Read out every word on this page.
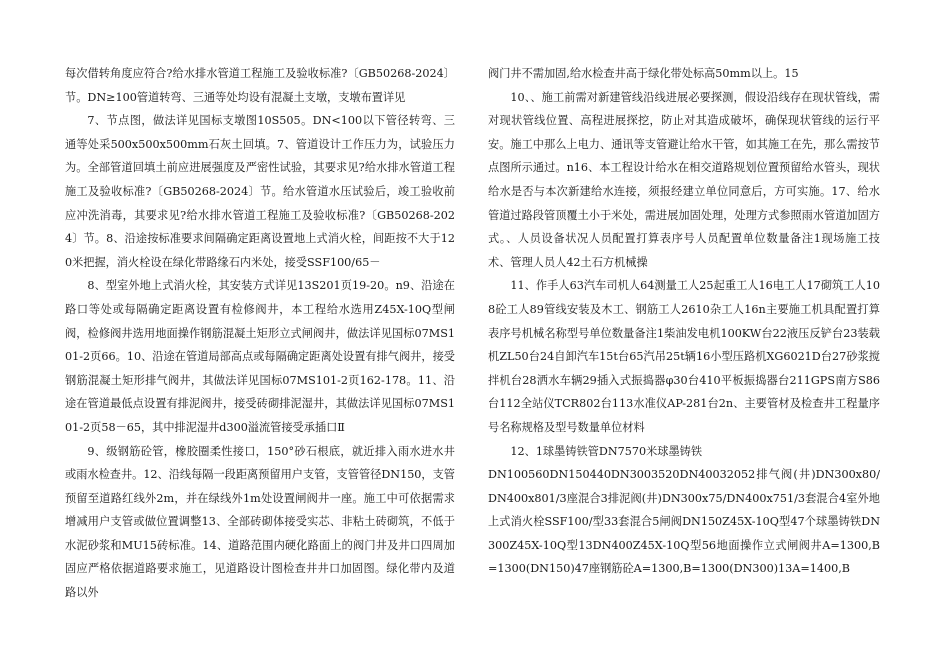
每次借转角度应符合?给水排水管道工程施工及验收标准?〔GB50268-2024〕节。DN≥100管道转弯、三通等处均设有混凝土支墩，支墩布置详见

7、节点图，做法详见国标支墩图10S505。DN<100以下管径转弯、三通等处采500x500x500mm石灰土回填。7、管道设计工作压力为，试验压力为。全部管道回填土前应进展强度及严密性试验，其要求见?给水排水管道工程施工及验收标准?〔GB50268-2024〕节。给水管道水压试验后，竣工验收前应冲洗消毒，其要求见?给水排水管道工程施工及验收标准?〔GB50268-2024〕节。8、沿途按标准要求间隔确定距离设置地上式消火栓，间距按不大于120米把握，消火栓设在绿化带路缘石内米处，接受SSF100/65－

8、型室外地上式消火栓，其安装方式详见13S201页19-20。n9、沿途在路口等处或每隔确定距离设置有检修阀井，本工程给水选用Z45X-10Q型闸阀，检修阀井选用地面操作钢筋混凝土矩形立式闸阀井，做法详见国标07MS101-2页66。10、沿途在管道局部高点或每隔确定距离处设置有排气阀井，接受钢筋混凝土矩形排气阀井，其做法详见国标07MS101-2页162-178。11、沿途在管道最低点设置有排泥阀井，接受砖砌排泥湿井，其做法详见国标07MS101-2页58－65，其中排泥湿井d300溢流管接受承插口Ⅱ

9、级钢筋砼管，橡胶圈柔性接口，150°砂石根底，就近排入雨水进水井或雨水检查井。12、沿线每隔一段距离预留用户支管，支管管径DN150，支管预留至道路红线外2m，并在绿线外1m处设置闸阀井一座。施工中可依据需求增减用户支管或做位置调整13、全部砖砌体接受实芯、非粘土砖砌筑，不低于水泥砂浆和MU15砖标准。14、道路范围内硬化路面上的阀门井及井口四周加固应严格依据道路要求施工，见道路设计图检查井井口加固图。绿化带内及道路以外

阀门井不需加固,给水检查井高于绿化带处标高50mm以上。15

10、、施工前需对新建管线沿线进展必要探测，假设沿线存在现状管线，需对现状管线位置、高程进展探挖，防止对其造成破坏，确保现状管线的运行平安。施工中那么上电力、通讯等支管避让给水干管，如其施工在先，那么需按节点图所示通过。n16、本工程设计给水在相交道路规划位置预留给水管头，现状给水是否与本次新建给水连接，须报经建立单位同意后，方可实施。17、给水管道过路段管顶覆土小于米处，需进展加固处理，处理方式参照雨水管道加固方式。、人员设备状况人员配置打算表序号人员配置单位数量备注1现场施工技术、管理人员人42土石方机械操

11、作手人63汽车司机人64测量工人25起重工人16电工人17砌筑工人108砼工人89管线安装及木工、钢筋工人2610杂工人16n主要施工机具配置打算表序号机械名称型号单位数量备注1柴油发电机100KW台22液压反铲台23装载机ZL50台24自卸汽车15t台65汽吊25t辆16小型压路机XG6021D台27砂浆搅拌机台28洒水车辆29插入式振捣器φ30台410平板振捣器台211GPS南方S86台112全站仪TCR802台113水准仪AP-281台2n、主要管材及检查井工程量序号名称规格及型号数量单位材料

12、1球墨铸铁管DN7570米球墨铸铁

DN100560DN150440DN3003520DN40032052排气阀(井)DN300x80/DN400x801/3座混合3排泥阀(井)DN300x75/DN400x751/3套混合4室外地上式消火栓SSF100/型33套混合5闸阀DN150Z45X-10Q型47个球墨铸铁DN300Z45X-10Q型13DN400Z45X-10Q型56地面操作立式闸阀井A=1300,B=1300(DN150)47座钢筋砼A=1300,B=1300(DN300)13A=1400,B
